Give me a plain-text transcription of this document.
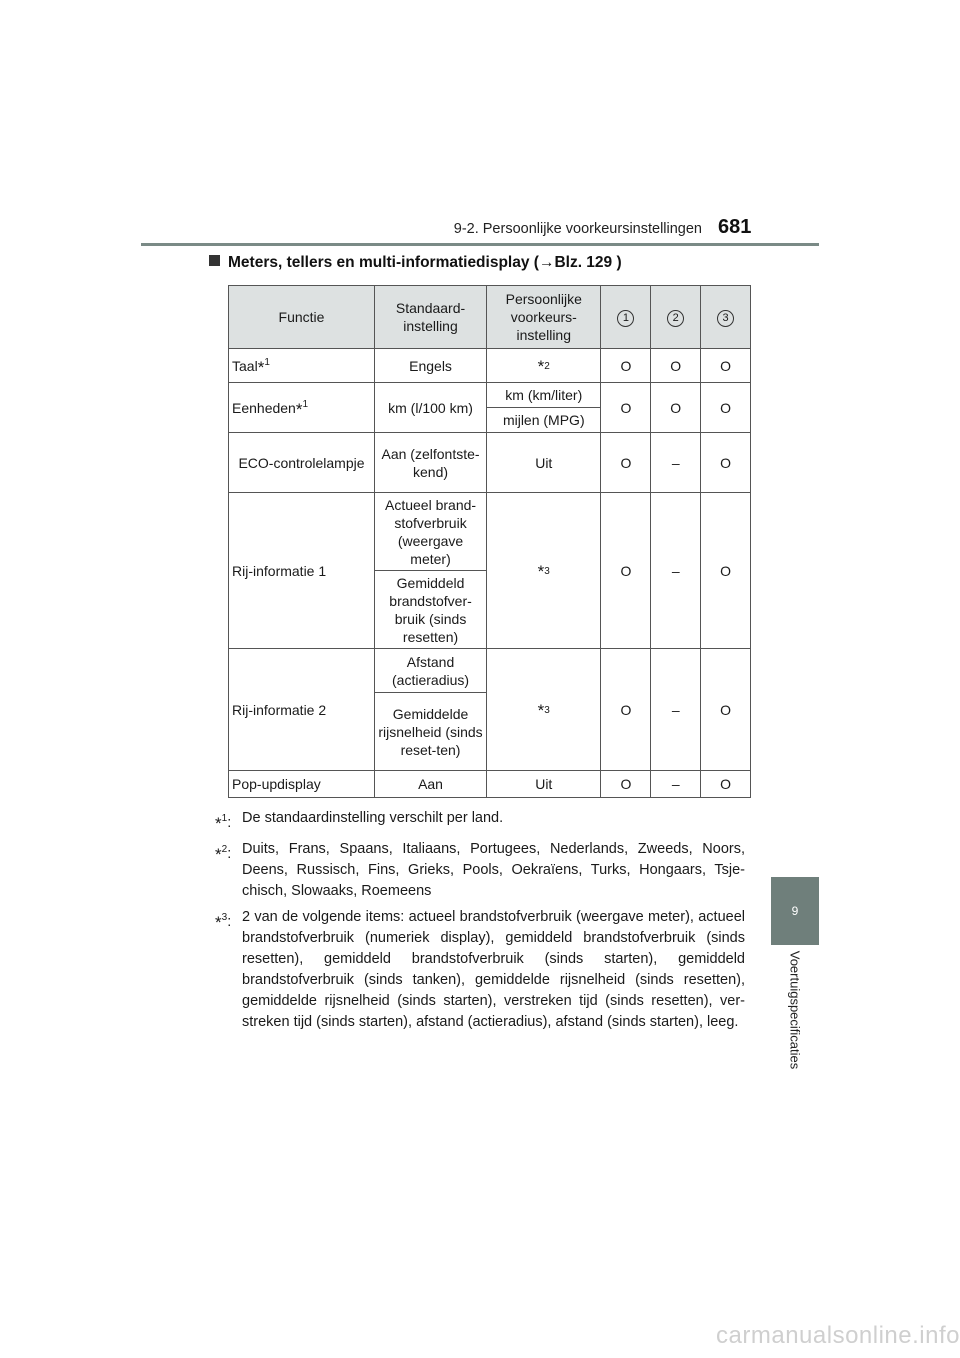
9-2. Persoonlijke voorkeursinstellingen 681
9
Voertuigspecificaties
Meters, tellers en multi-informatiedisplay (→Blz. 129 )
Functie	Standaard-instelling	Persoonlijke voorkeurs-instelling	1	2	3
Taal*$^1$	Engels	*2	O	O	O
Eenheden*$^1$	km (l/100 km)	km (km/liter)	O	O	O
		mijlen (MPG)			
ECO-controlelampje	Aan (zelfontste-kend)	Uit	O	–	O
Rij-informatie 1	Actueel brand-stofverbruik (weergave meter)	*3	O	–	O
	Gemiddeld brandstofver-bruik (sinds resetten)				
Rij-informatie 2	Afstand (actieradius)	*3	O	–	O
	Gemiddelde rijsnelheid (sinds reset-ten)				
Pop-updisplay	Aan	Uit	O	–	O
*$^1$: De standaardinstelling verschilt per land.
*$^2$: Duits, Frans, Spaans, Italiaans, Portugees, Nederlands, Zweeds, Noors, Deens, Russisch, Fins, Grieks, Pools, Oekraïens, Turks, Hongaars, Tsje-chisch, Slowaaks, Roemeens
*$^3$: 2 van de volgende items: actueel brandstofverbruik (weergave meter), actueel brandstofverbruik (numeriek display), gemiddeld brandstofverbruik (sinds resetten), gemiddeld brandstofverbruik (sinds starten), gemiddeld brandstofverbruik (sinds tanken), gemiddelde rijsnelheid (sinds resetten), gemiddelde rijsnelheid (sinds starten), verstreken tijd (sinds resetten), ver-streken tijd (sinds starten), afstand (actieradius), afstand (sinds starten), leeg.
carmanualsonline.info
